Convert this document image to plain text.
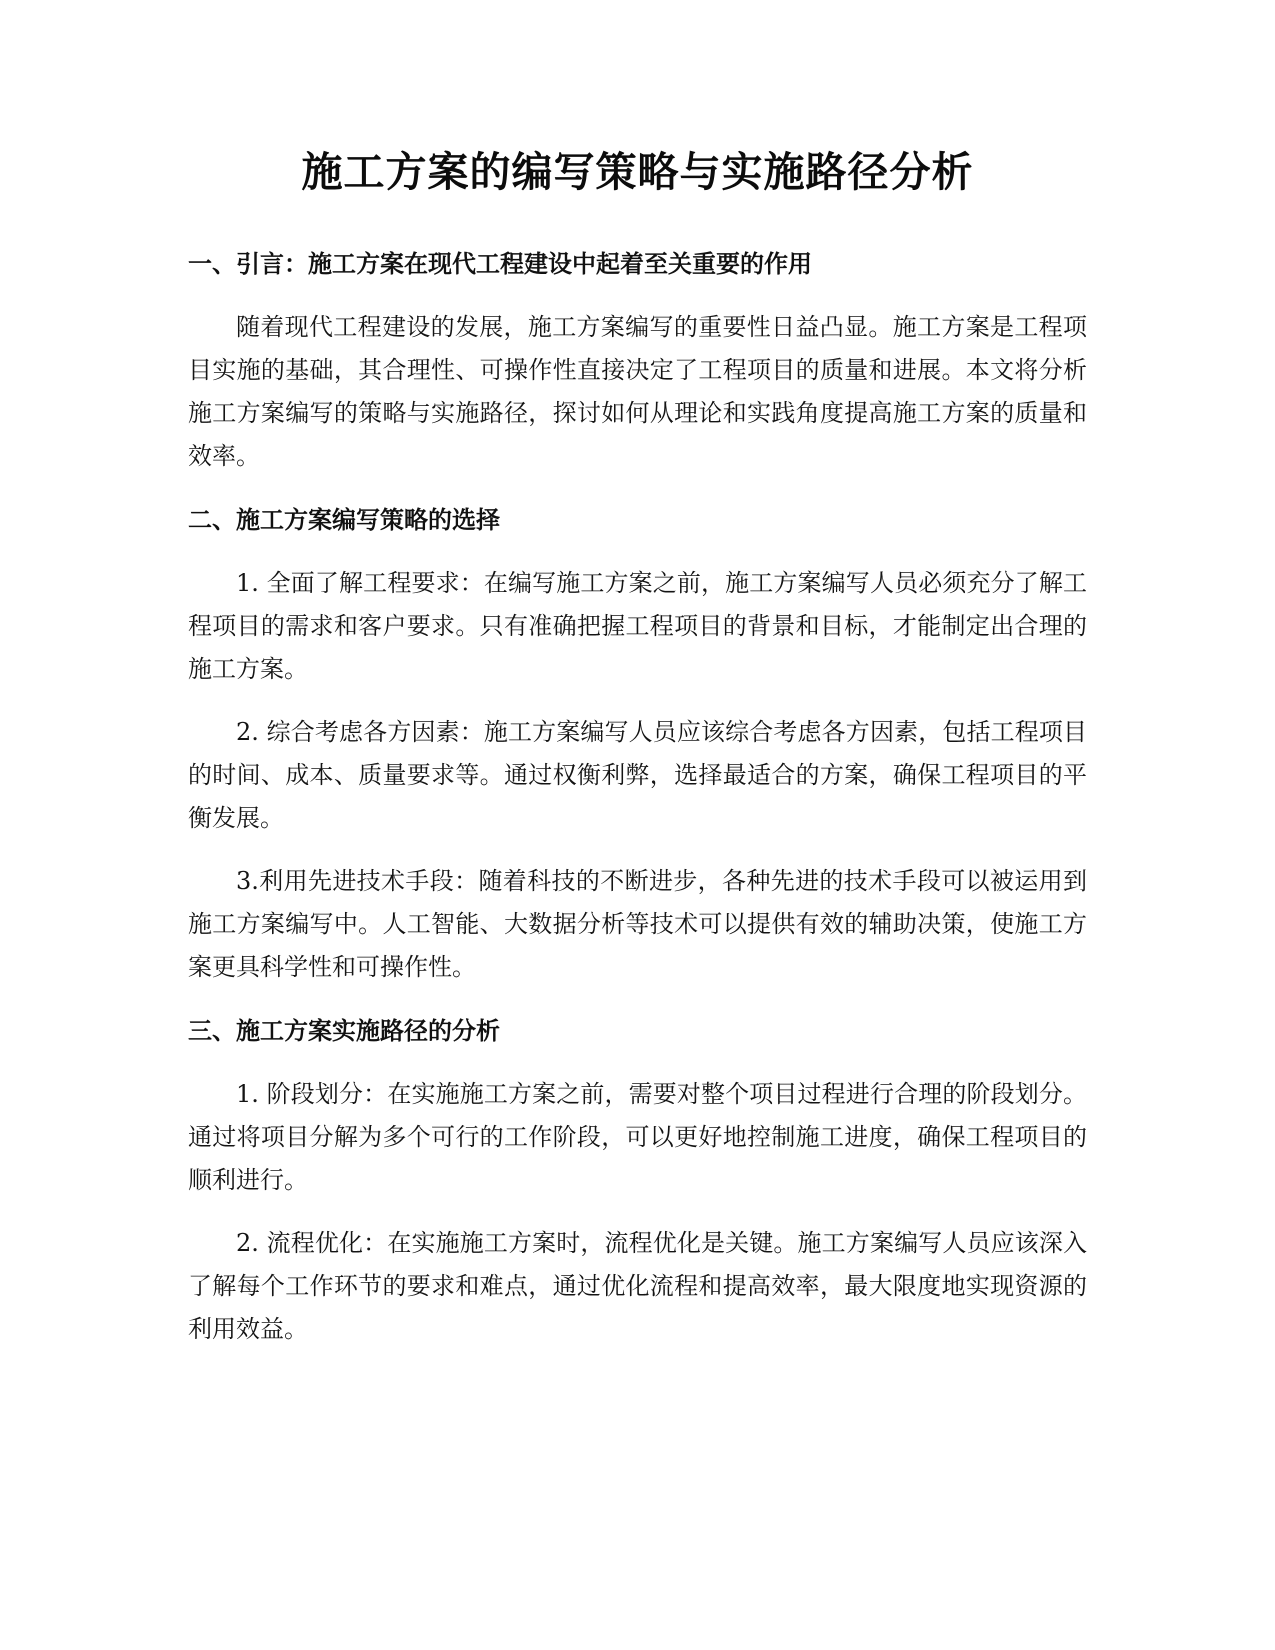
施工方案的编写策略与实施路径分析
一、引言：施工方案在现代工程建设中起着至关重要的作用

随着现代工程建设的发展，施工方案编写的重要性日益凸显。施工方案是工程项目实施的基础，其合理性、可操作性直接决定了工程项目的质量和进展。本文将分析施工方案编写的策略与实施路径，探讨如何从理论和实践角度提高施工方案的质量和效率。

二、施工方案编写策略的选择

1. 全面了解工程要求：在编写施工方案之前，施工方案编写人员必须充分了解工程项目的需求和客户要求。只有准确把握工程项目的背景和目标，才能制定出合理的施工方案。

2. 综合考虑各方因素：施工方案编写人员应该综合考虑各方因素，包括工程项目的时间、成本、质量要求等。通过权衡利弊，选择最适合的方案，确保工程项目的平衡发展。

3.利用先进技术手段：随着科技的不断进步，各种先进的技术手段可以被运用到施工方案编写中。人工智能、大数据分析等技术可以提供有效的辅助决策，使施工方案更具科学性和可操作性。

三、施工方案实施路径的分析

1. 阶段划分：在实施施工方案之前，需要对整个项目过程进行合理的阶段划分。通过将项目分解为多个可行的工作阶段，可以更好地控制施工进度，确保工程项目的顺利进行。

2. 流程优化：在实施施工方案时，流程优化是关键。施工方案编写人员应该深入了解每个工作环节的要求和难点，通过优化流程和提高效率，最大限度地实现资源的利用效益。
